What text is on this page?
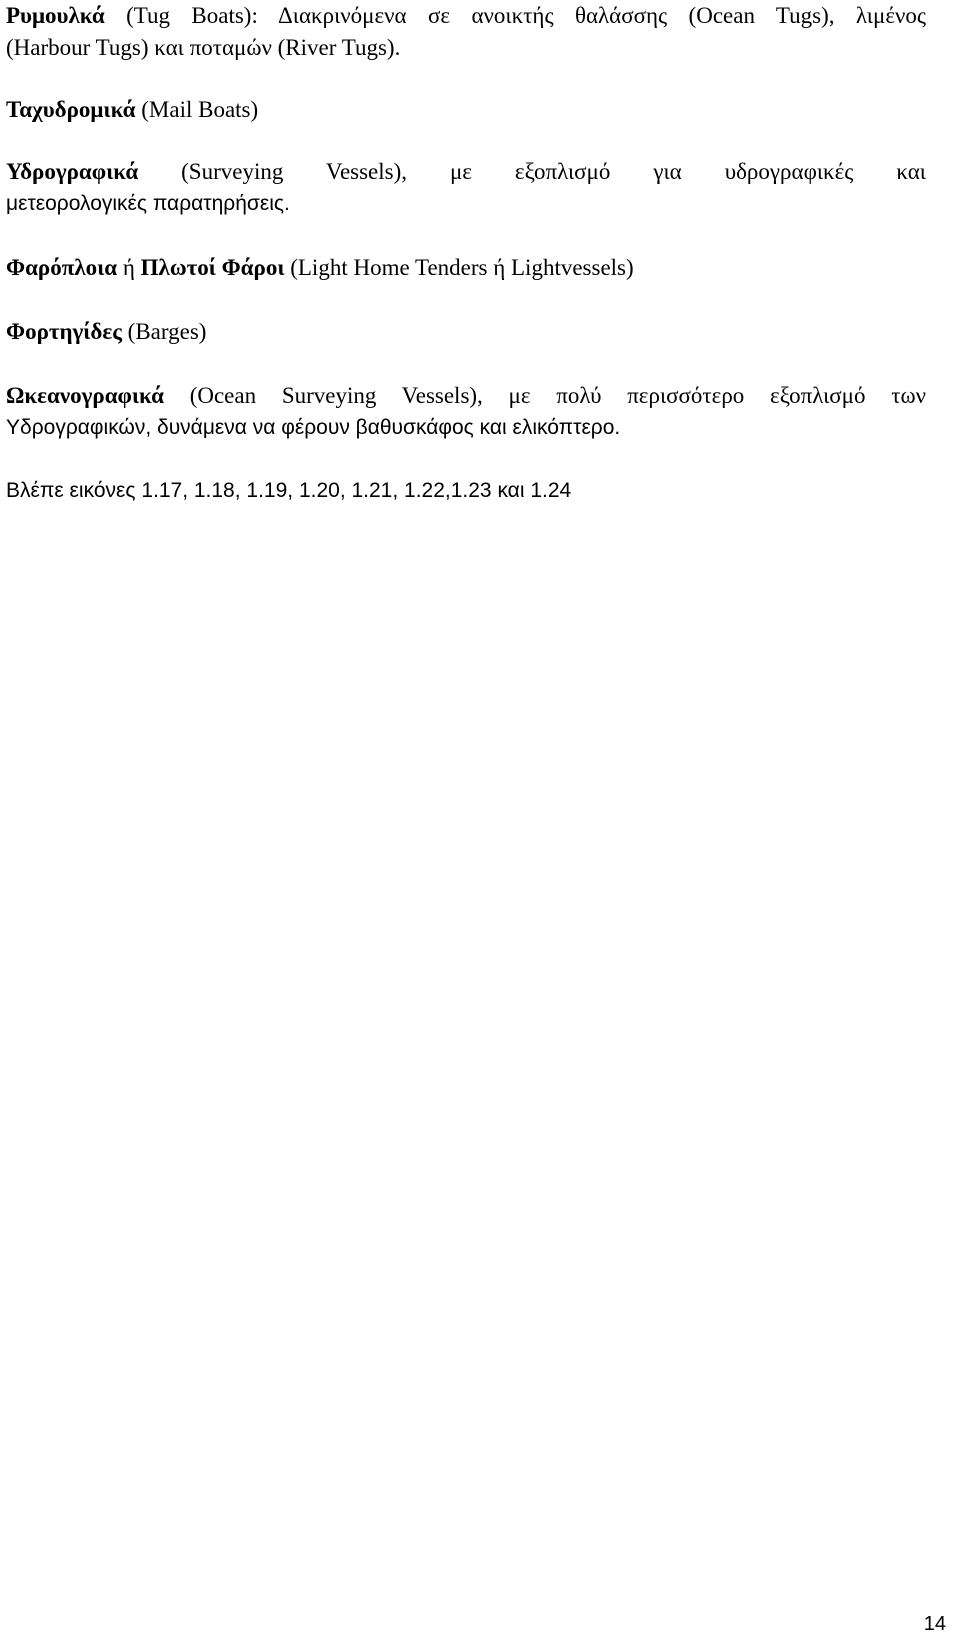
Ρυμουλκά (Tug Boats): Διακρινόμενα σε ανοικτής θαλάσσης (Ocean Tugs), λιμένος
(Harbour Tugs) και ποταμών (River Tugs).

Ταχυδρομικά (Mail Boats)

Υδρογραφικά (Surveying Vessels), με εξοπλισμό για υδρογραφικές και
μετεορολογικές παρατηρήσεις.

Φαρόπλοια ή Πλωτοί Φάροι (Light Home Tenders ή Lightvessels)

Φορτηγίδες (Barges)

Ωκεανογραφικά (Ocean Surveying Vessels), με πολύ περισσότερο εξοπλισμό των
Υδρογραφικών, δυνάμενα να φέρουν βαθυσκάφος και ελικόπτερο.

Βλέπε εικόνες 1.17, 1.18, 1.19, 1.20, 1.21, 1.22,1.23 και 1.24

14
